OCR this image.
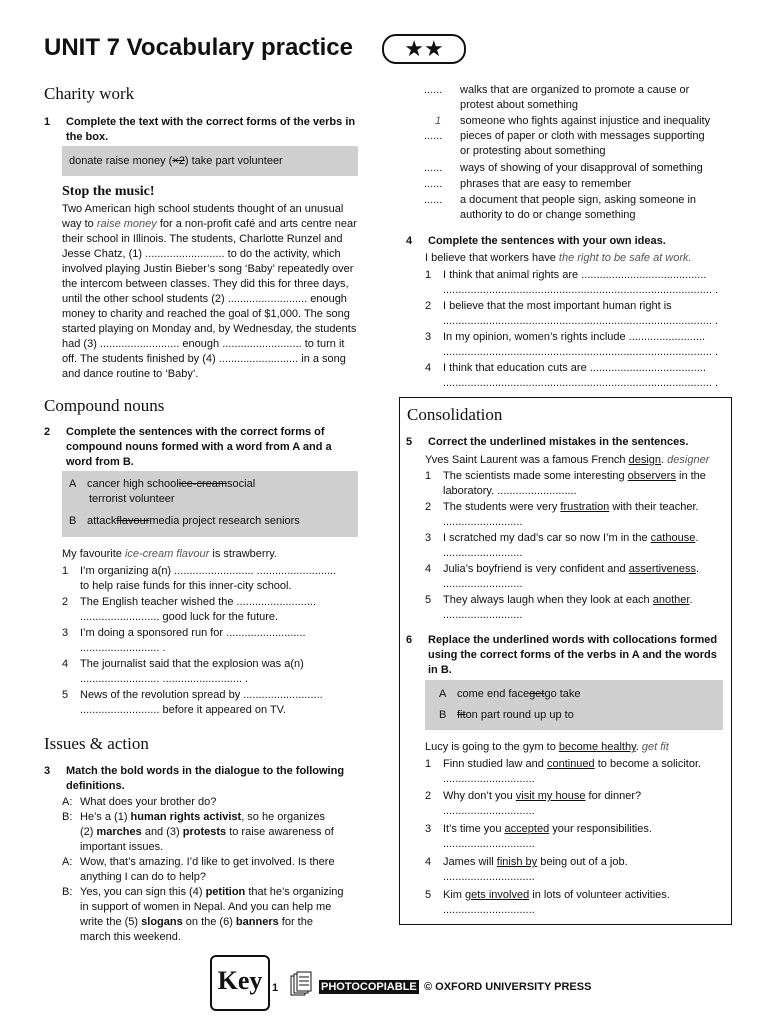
UNIT 7 Vocabulary practice	★★
Charity work
1	Complete the text with the correct forms of the verbs in the box.
donate raise money (×2) take part volunteer
Stop the music!

Two American high school students thought of an unusual way to raise money for a non-profit café and arts centre near their school in Illinois. The students, Charlotte Runzel and Jesse Chatz, (1) .......................... to do the activity, which involved playing Justin Bieber’s song ‘Baby’ repeatedly over the intercom between classes. They did this for three days, until the other school students (2) .......................... enough money to charity and reached the goal of $1,000. The song started playing on Monday and, by Wednesday, the students had (3) .......................... enough .......................... to turn it off. The students finished by (4) .......................... in a song and dance routine to ‘Baby’.

Compound nouns
2	Complete the sentences with the correct forms of compound nouns formed with a word from A and a word from B.
A cancer high school ice-cream social
terrorist volunteer
B attack flavour media project research seniors
My favourite ice-cream flavour is strawberry.
1	I’m organizing a(n) .......................... ..........................
to help raise funds for this inner-city school.
2	The English teacher wished the ..........................
.......................... good luck for the future.
3	I’m doing a sponsored run for ..........................
.......................... .
4	The journalist said that the explosion was a(n)
.......................... .......................... .
5	News of the revolution spread by ..........................
.......................... before it appeared on TV.
Issues & action
3	Match the bold words in the dialogue to the following definitions.
A: What does your brother do?
B: He’s a (1) human rights activist, so he organizes
(2) marches and (3) protests to raise awareness of
important issues.
A: Wow, that’s amazing. I’d like to get involved. Is there
anything I can do to help?
B: Yes, you can sign this (4) petition that he’s organizing
in support of women in Nepal. And you can help me
write the (5) slogans on the (6) banners for the
march this weekend.
......	walks that are organized to promote a cause or
protest about something
1	someone who fights against injustice and inequality
......	pieces of paper or cloth with messages supporting
or protesting about something
......	ways of showing of your disapproval of something
......	phrases that are easy to remember
......	a document that people sign, asking someone in
authority to do or change something
4	Complete the sentences with your own ideas.
I believe that workers have the right to be safe at work.
1	I think that animal rights are .........................................
........................................................................................ .
2	I believe that the most important human right is
........................................................................................ .
3	In my opinion, women’s rights include .........................
........................................................................................ .
4	I think that education cuts are ......................................
........................................................................................ .
Consolidation
5	Correct the underlined mistakes in the sentences.
Yves Saint Laurent was a famous French design. designer
1	The scientists made some interesting observers in the
laboratory. ..........................
2	The students were very frustration with their teacher.
..........................
3	I scratched my dad’s car so now I’m in the cathouse.
..........................
4	Julia’s boyfriend is very confident and assertiveness.
..........................
5	They always laugh when they look at each another.
..........................
6	Replace the underlined words with collocations formed using the correct forms of the verbs in A and the words in B.
A come end face get go take
B fit on part round up up to
Lucy is going to the gym to become healthy. get fit
1	Finn studied law and continued to become a solicitor.
..............................
2	Why don’t you visit my house for dinner?
..............................
3	It’s time you accepted your responsibilities.
..............................
4	James will finish by being out of a job.
..............................
5	Kim gets involved in lots of volunteer activities.
..............................
Key 1	PHOTOCOPIABLE © OXFORD UNIVERSITY PRESS
